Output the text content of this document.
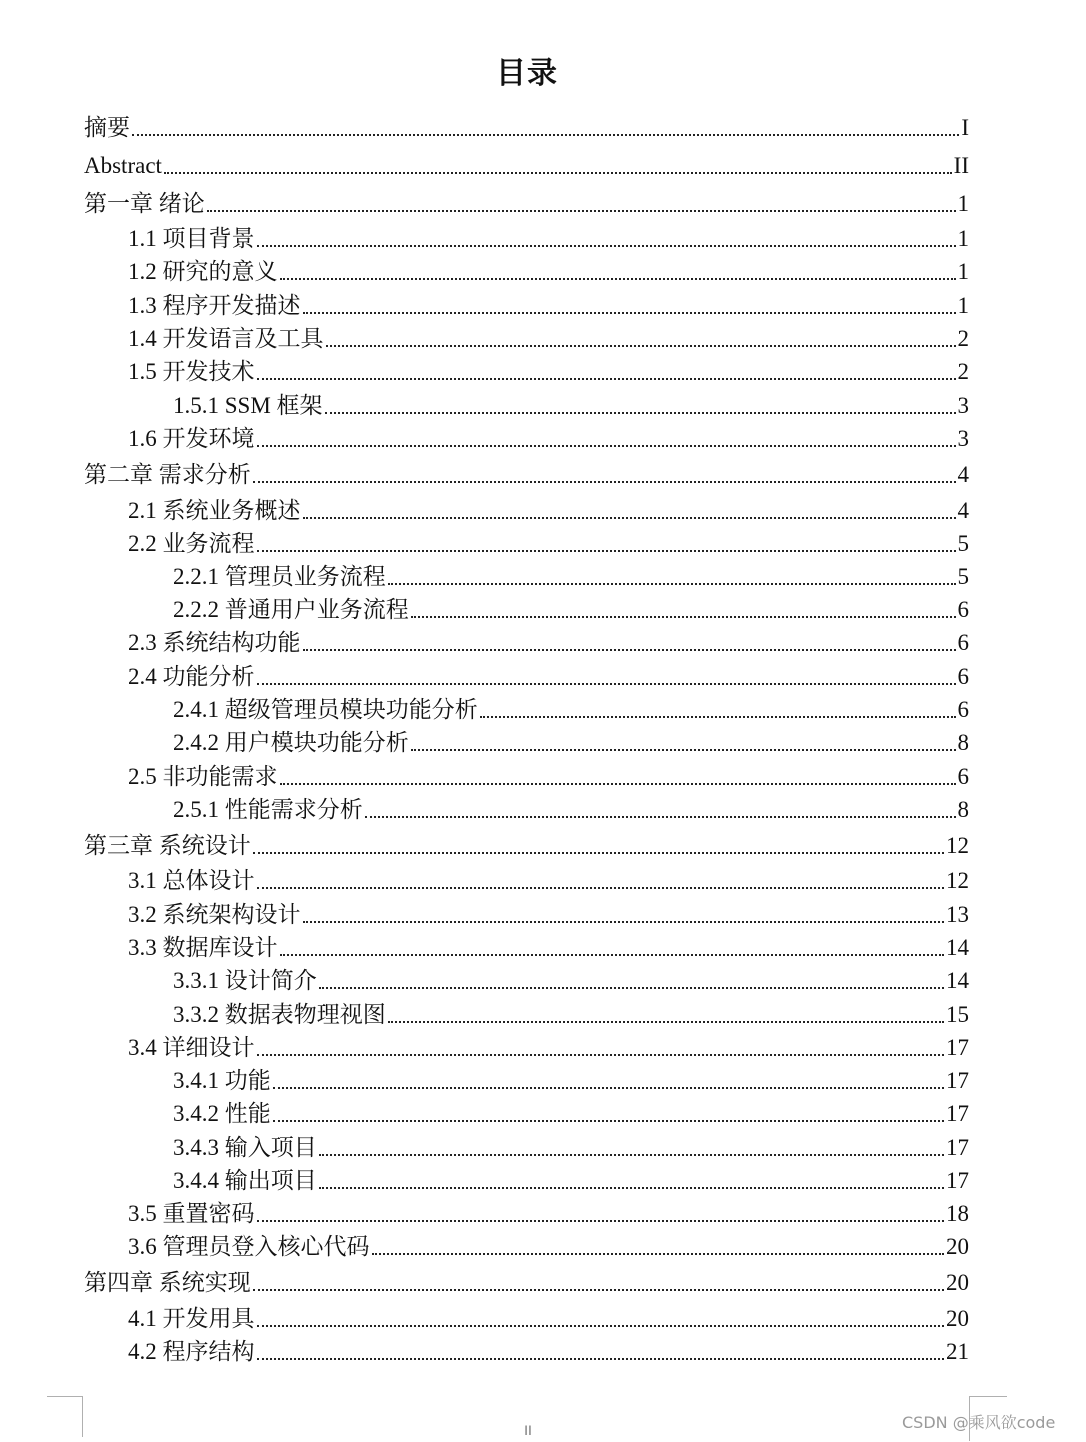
目录
摘要	I
Abstract	II
第一章 绪论	1
1.1 项目背景	1
1.2 研究的意义	1
1.3 程序开发描述	1
1.4 开发语言及工具	2
1.5 开发技术	2
1.5.1 SSM 框架	3
1.6 开发环境	3
第二章 需求分析	4
2.1 系统业务概述	4
2.2 业务流程	5
2.2.1 管理员业务流程	5
2.2.2 普通用户业务流程	6
2.3 系统结构功能	6
2.4 功能分析	6
2.4.1 超级管理员模块功能分析	6
2.4.2 用户模块功能分析	8
2.5 非功能需求	6
2.5.1 性能需求分析	8
第三章 系统设计	12
3.1 总体设计	12
3.2 系统架构设计	13
3.3 数据库设计	14
3.3.1 设计简介	14
3.3.2 数据表物理视图	15
3.4 详细设计	17
3.4.1 功能	17
3.4.2 性能	17
3.4.3 输入项目	17
3.4.4 输出项目	17
3.5 重置密码	18
3.6 管理员登入核心代码	20
第四章 系统实现	20
4.1 开发用具	20
4.2 程序结构	21
II	CSDN @乘风欲code
